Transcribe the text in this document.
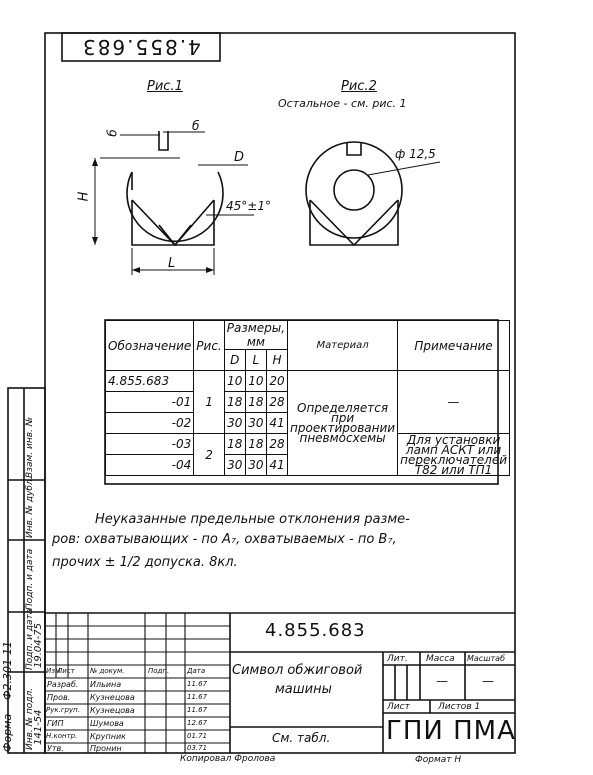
4.855.683
Рис.1
б	б
D
H
L
45°±1°
Рис.2
Остальное - см. рис. 1
ф 12,5
Обозначение	Рис.	Размеры, мм			Материал	Примечание
		D	L	H		
4.855.683	1	10	10	20	Определяется при проектировании пневмосхемы	—
-01		18	18	28		
-02		30	30	41		
-03	2	18	18	28		Для установки ламп АСКТ или переключателей Т82 или ТП1
-04		30	30	41		
Неуказанные предельные отклонения разме-
ров: охватывающих - по A₇, охватываемых - по B₇,
прочих ± 1/2 допуска. 8кл.
4.855.683
Символ обжиговой
машины
См. табл.
Лит. Масса Масштаб
—	—
Лист	Листов 1
ГПИ ПМА
Изм
Лист № докум.	Подп.	Дата
Разраб. Ильина	11.67
Пров. Кузнецова	11.67
Рук.груп. Кузнецова	11.67
ГИП	Шумова	12.67
Н.контр. Крупник	01.71
Утв.	Пронин	03.71
Взам. инв. №
Инв. № дубл.
Подп. и дата
Подп. и дата
Инв. № подл.
141-54
19.04-75
Форма
Ф2.301-11
Копировал Фролова	Формат Н
